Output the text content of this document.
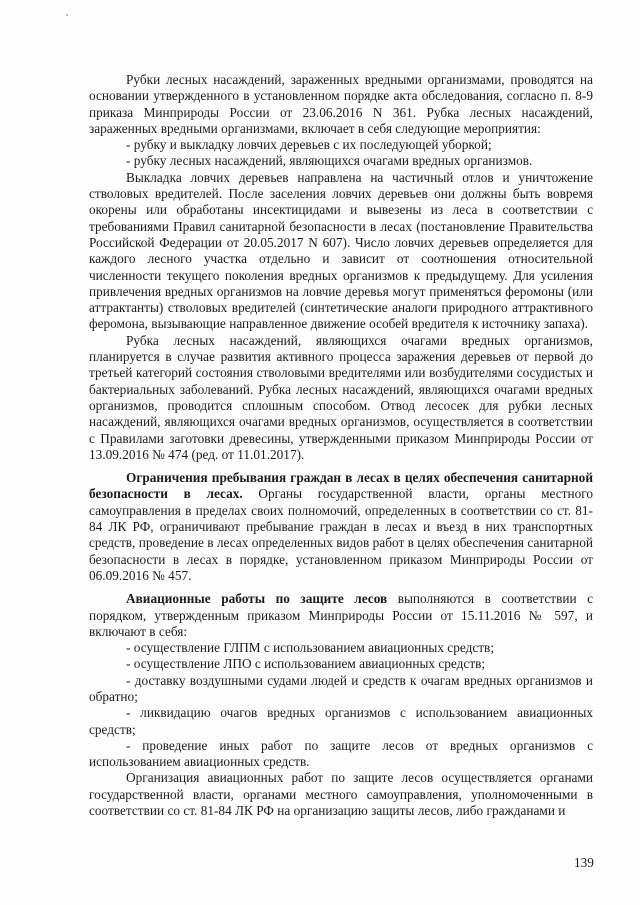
Рубки лесных насаждений, зараженных вредными организмами, проводятся на основании утвержденного в установленном порядке акта обследования, согласно п. 8-9 приказа Минприроды России от 23.06.2016 N 361. Рубка лесных насаждений, зараженных вредными организмами, включает в себя следующие мероприятия:

- рубку и выкладку ловчих деревьев с их последующей уборкой;

- рубку лесных насаждений, являющихся очагами вредных организмов.

Выкладка ловчих деревьев направлена на частичный отлов и уничтожение стволовых вредителей. После заселения ловчих деревьев они должны быть вовремя окорены или обработаны инсектицидами и вывезены из леса в соответствии с требованиями Правил санитарной безопасности в лесах (постановление Правительства Российской Федерации от 20.05.2017 N 607). Число ловчих деревьев определяется для каждого лесного участка отдельно и зависит от соотношения относительной численности текущего поколения вредных организмов к предыдущему. Для усиления привлечения вредных организмов на ловчие деревья могут применяться феромоны (или аттрактанты) стволовых вредителей (синтетические аналоги природного аттрактивного феромона, вызывающие направленное движение особей вредителя к источнику запаха).

Рубка лесных насаждений, являющихся очагами вредных организмов, планируется в случае развития активного процесса заражения деревьев от первой до третьей категорий состояния стволовыми вредителями или возбудителями сосудистых и бактериальных заболеваний. Рубка лесных насаждений, являющихся очагами вредных организмов, проводится сплошным способом. Отвод лесосек для рубки лесных насаждений, являющихся очагами вредных организмов, осуществляется в соответствии с Правилами заготовки древесины, утвержденными приказом Минприроды России от 13.09.2016 № 474 (ред. от 11.01.2017).

Ограничения пребывания граждан в лесах в целях обеспечения санитарной безопасности в лесах. Органы государственной власти, органы местного самоуправления в пределах своих полномочий, определенных в соответствии со ст. 81-84 ЛК РФ, ограничивают пребывание граждан в лесах и въезд в них транспортных средств, проведение в лесах определенных видов работ в целях обеспечения санитарной безопасности в лесах в порядке, установленном приказом Минприроды России от 06.09.2016 № 457.

Авиационные работы по защите лесов выполняются в соответствии с порядком, утвержденным приказом Минприроды России от 15.11.2016 № 597, и включают в себя:

- осуществление ГЛПМ с использованием авиационных средств;

- осуществление ЛПО с использованием авиационных средств;

- доставку воздушными судами людей и средств к очагам вредных организмов и обратно;

- ликвидацию очагов вредных организмов с использованием авиационных средств;

- проведение иных работ по защите лесов от вредных организмов с использованием авиационных средств.

Организация авиационных работ по защите лесов осуществляется органами государственной власти, органами местного самоуправления, уполномоченными в соответствии со ст. 81-84 ЛК РФ на организацию защиты лесов, либо гражданами и

139
